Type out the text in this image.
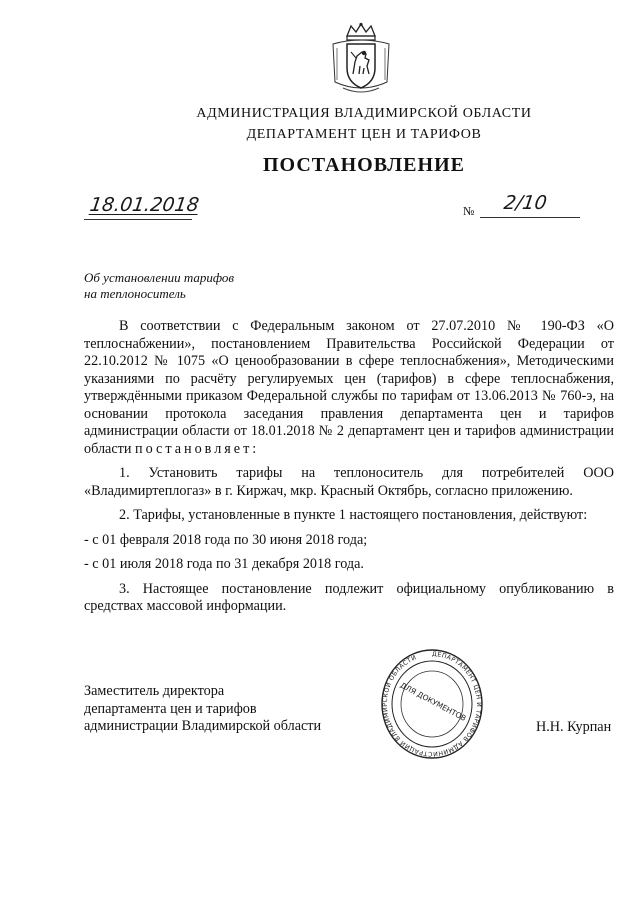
АДМИНИСТРАЦИЯ ВЛАДИМИРСКОЙ ОБЛАСТИ
ДЕПАРТАМЕНТ ЦЕН И ТАРИФОВ
ПОСТАНОВЛЕНИЕ
18.01.2018	№ 2/10
Об установлении тарифов
на теплоноситель

В соответствии с Федеральным законом от 27.07.2010 № 190-ФЗ «О теплоснабжении», постановлением Правительства Российской Федерации от 22.10.2012 № 1075 «О ценообразовании в сфере теплоснабжения», Методическими указаниями по расчёту регулируемых цен (тарифов) в сфере теплоснабжения, утверждёнными приказом Федеральной службы по тарифам от 13.06.2013 № 760-э, на основании протокола заседания правления департамента цен и тарифов администрации области от 18.01.2018 № 2 департамент цен и тарифов администрации области постановляет:

1. Установить тарифы на теплоноситель для потребителей ООО «Владимиртеплогаз» в г. Киржач, мкр. Красный Октябрь, согласно приложению.

2. Тарифы, установленные в пункте 1 настоящего постановления, действуют:

- с 01 февраля 2018 года по 30 июня 2018 года;

- с 01 июля 2018 года по 31 декабря 2018 года.

3. Настоящее постановление подлежит официальному опубликованию в средствах массовой информации.

Заместитель директора
департамента цен и тарифов
администрации Владимирской области
ДЕПАРТАМЕНТ ЦЕН И ТАРИФОВ АДМИНИСТРАЦИИ ВЛАДИМИРСКОЙ ОБЛАСТИ
ДЛЯ ДОКУМЕНТОВ
Н.Н. Курпан
